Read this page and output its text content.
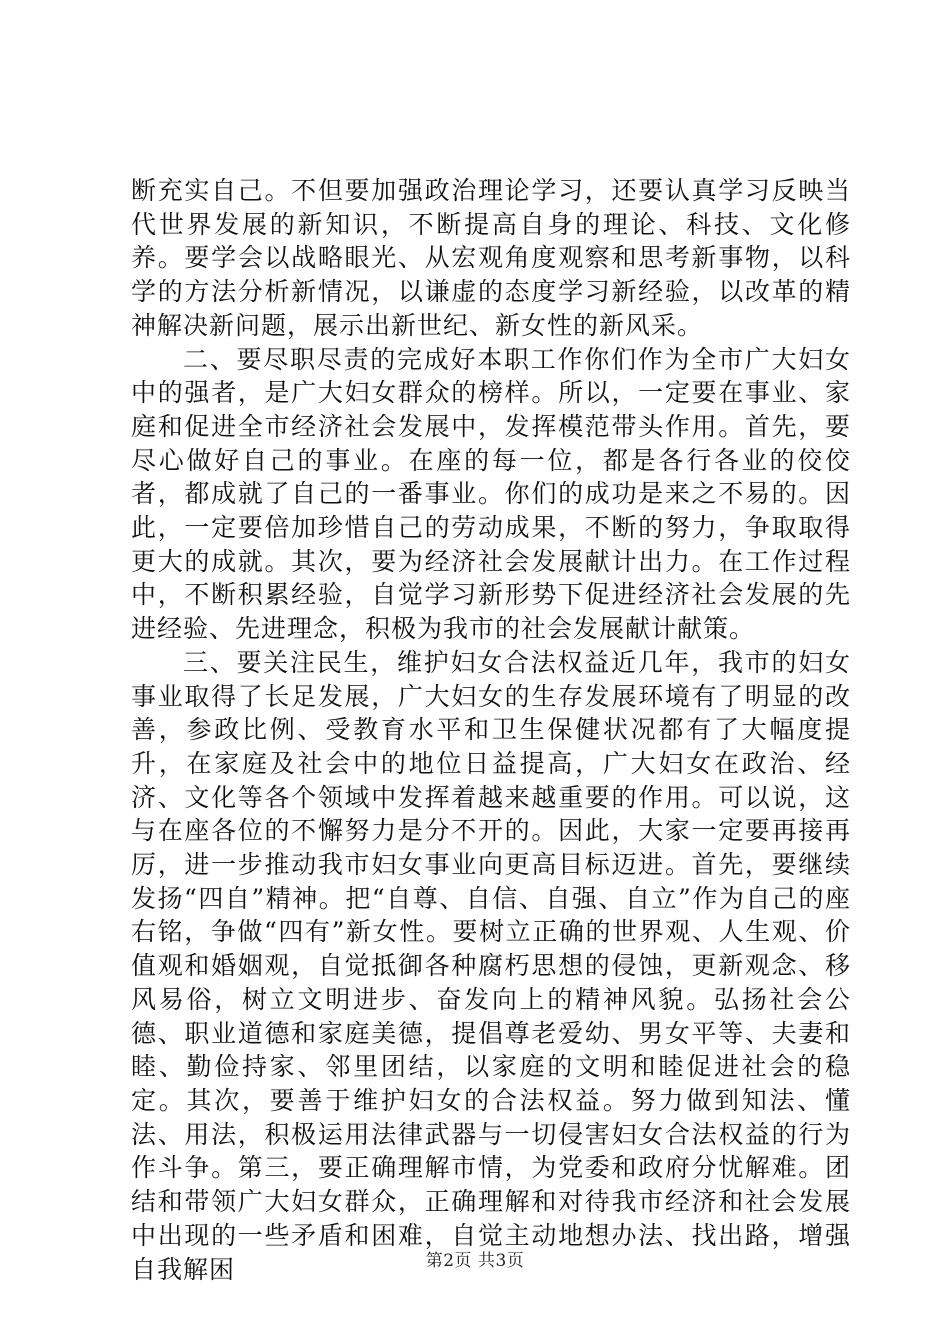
断充实自己。不但要加强政治理论学习，还要认真学习反映当代世界发展的新知识，不断提高自身的理论、科技、文化修养。要学会以战略眼光、从宏观角度观察和思考新事物，以科学的方法分析新情况，以谦虚的态度学习新经验，以改革的精神解决新问题，展示出新世纪、新女性的新风采。

二、要尽职尽责的完成好本职工作你们作为全市广大妇女中的强者，是广大妇女群众的榜样。所以，一定要在事业、家庭和促进全市经济社会发展中，发挥模范带头作用。首先，要尽心做好自己的事业。在座的每一位，都是各行各业的佼佼者，都成就了自己的一番事业。你们的成功是来之不易的。因此，一定要倍加珍惜自己的劳动成果，不断的努力，争取取得更大的成就。其次，要为经济社会发展献计出力。在工作过程中，不断积累经验，自觉学习新形势下促进经济社会发展的先进经验、先进理念，积极为我市的社会发展献计献策。

三、要关注民生，维护妇女合法权益近几年，我市的妇女事业取得了长足发展，广大妇女的生存发展环境有了明显的改善，参政比例、受教育水平和卫生保健状况都有了大幅度提升，在家庭及社会中的地位日益提高，广大妇女在政治、经济、文化等各个领域中发挥着越来越重要的作用。可以说，这与在座各位的不懈努力是分不开的。因此，大家一定要再接再厉，进一步推动我市妇女事业向更高目标迈进。首先，要继续发扬“四自”精神。把“自尊、自信、自强、自立”作为自己的座右铭，争做“四有”新女性。要树立正确的世界观、人生观、价值观和婚姻观，自觉抵御各种腐朽思想的侵蚀，更新观念、移风易俗，树立文明进步、奋发向上的精神风貌。弘扬社会公德、职业道德和家庭美德，提倡尊老爱幼、男女平等、夫妻和睦、勤俭持家、邻里团结，以家庭的文明和睦促进社会的稳定。其次，要善于维护妇女的合法权益。努力做到知法、懂法、用法，积极运用法律武器与一切侵害妇女合法权益的行为作斗争。第三，要正确理解市情，为党委和政府分忧解难。团结和带领广大妇女群众，正确理解和对待我市经济和社会发展中出现的一些矛盾和困难，自觉主动地想办法、找出路，增强自我解困	第2页 共3页
